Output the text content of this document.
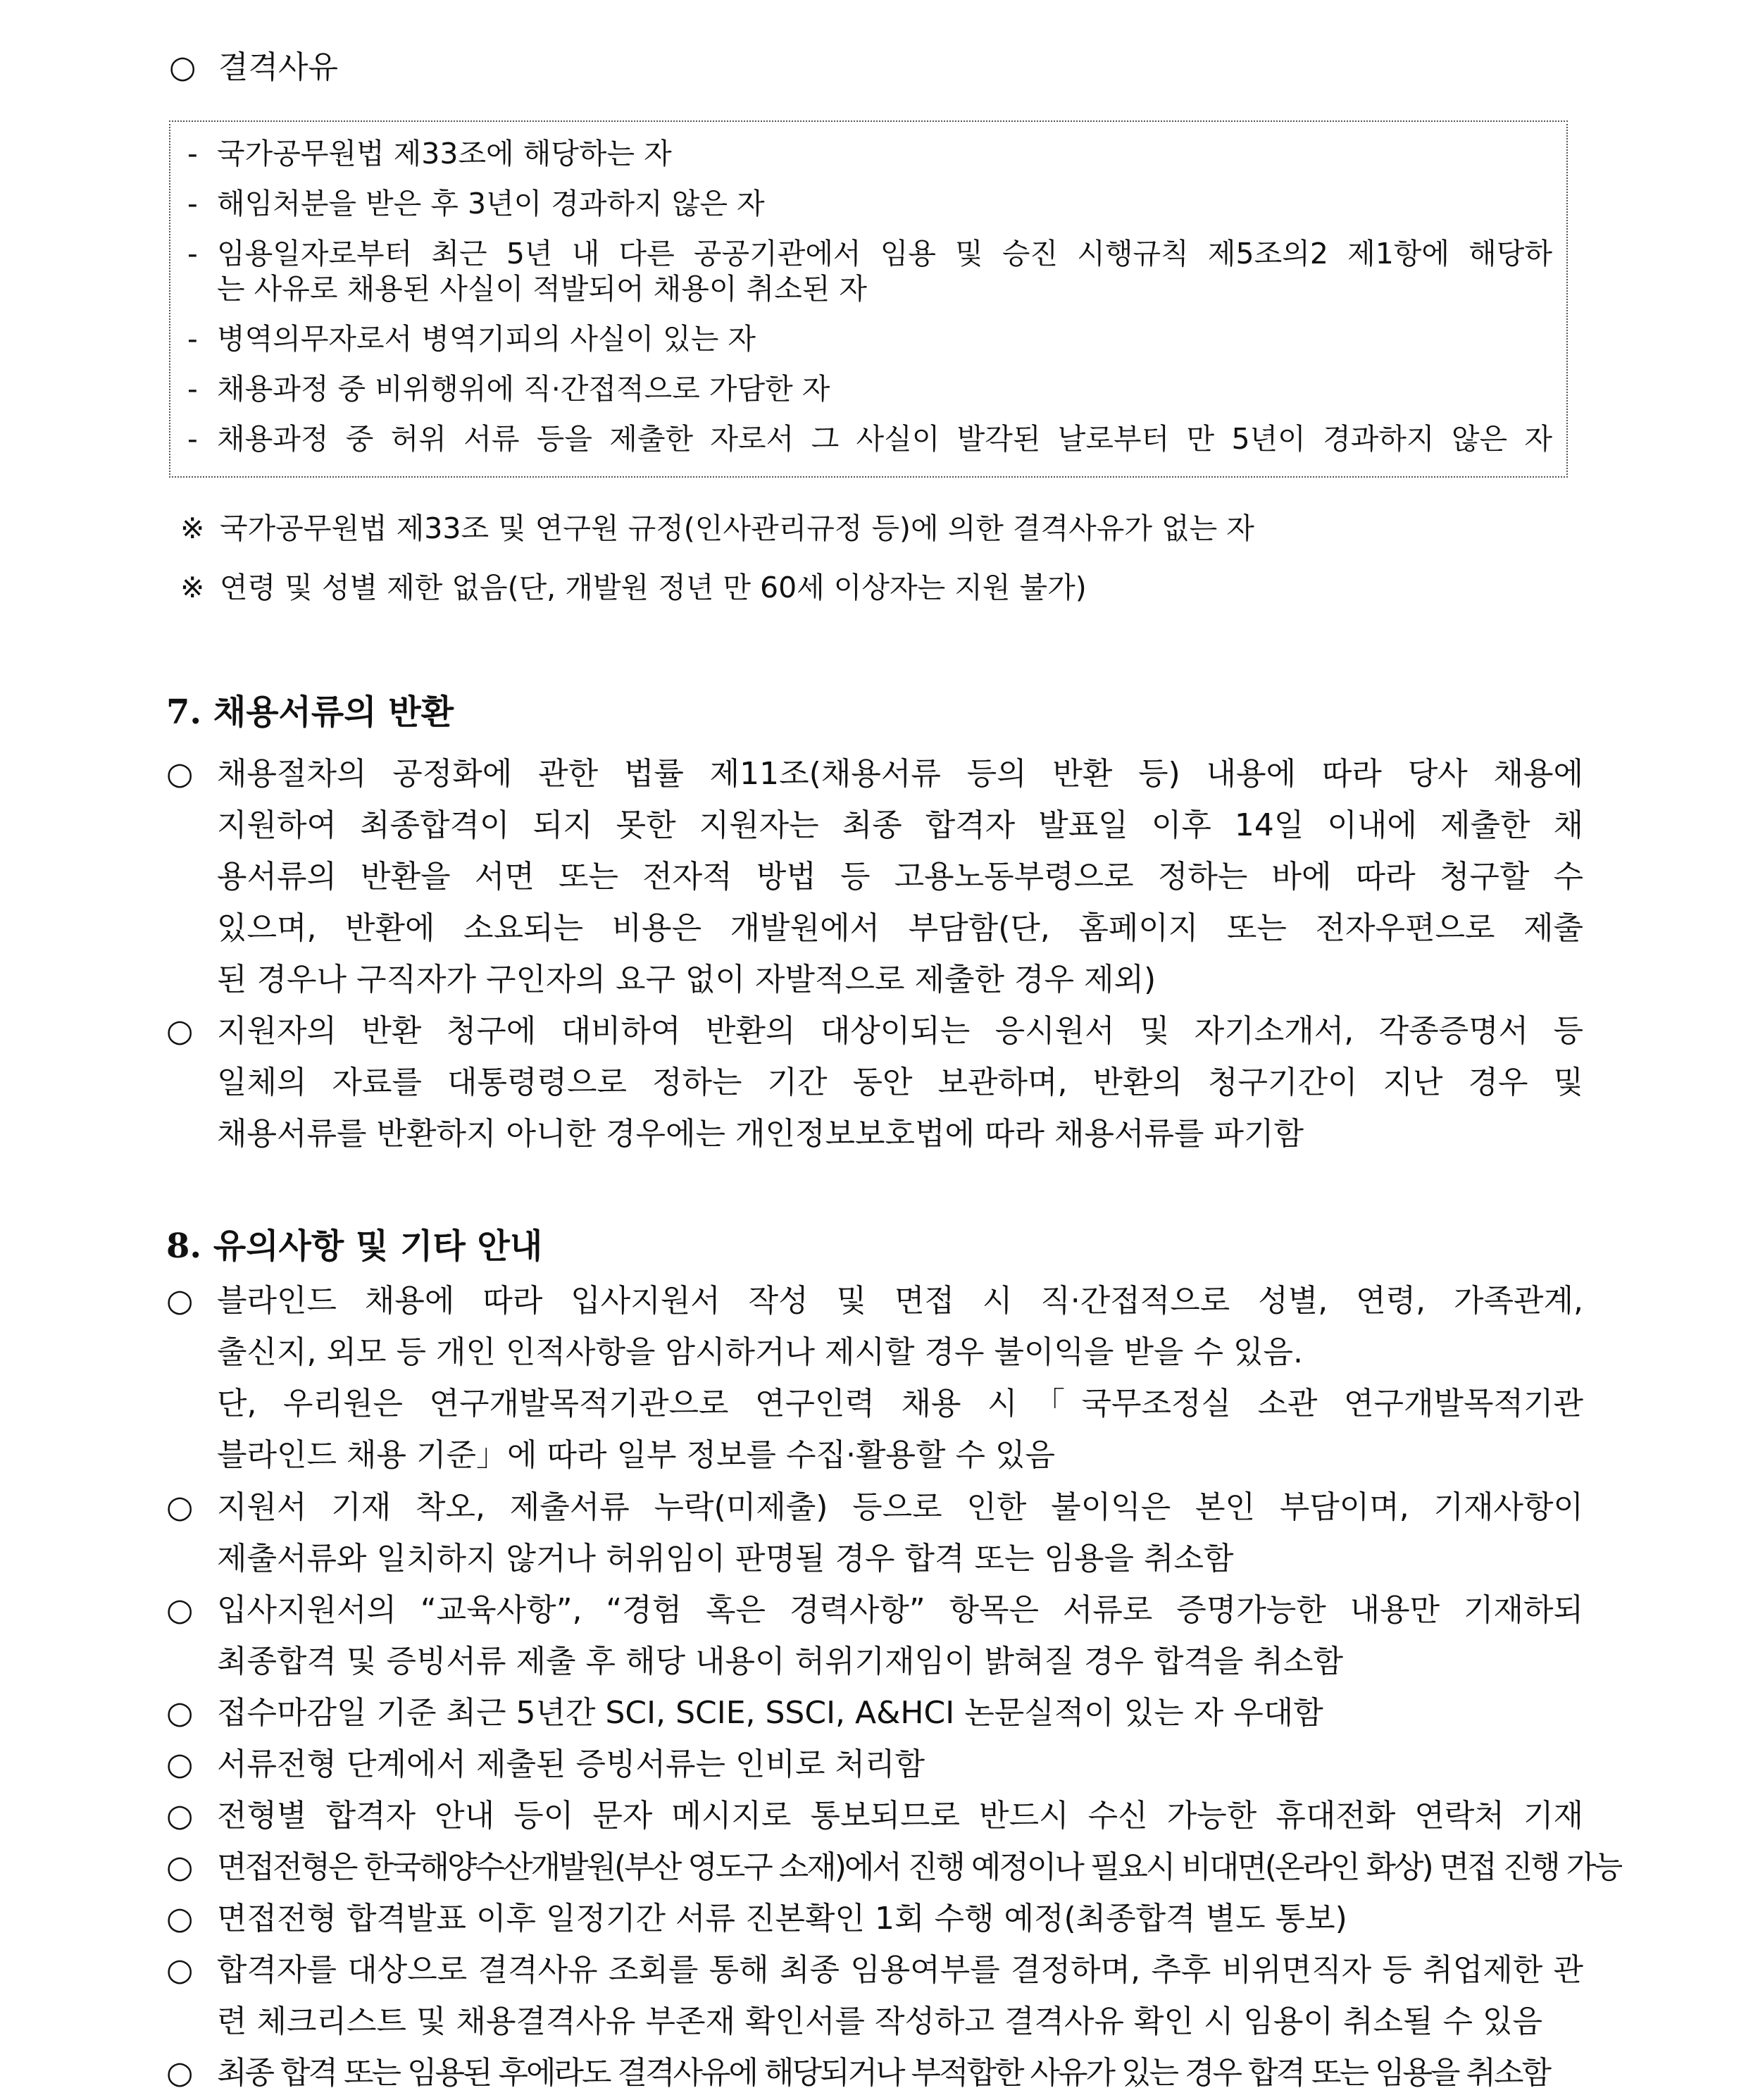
○ 결격사유
- 국가공무원법 제33조에 해당하는 자
- 해임처분을 받은 후 3년이 경과하지 않은 자
- 임용일자로부터 최근 5년 내 다른 공공기관에서 임용 및 승진 시행규칙 제5조의2 제1항에 해당하
는 사유로 채용된 사실이 적발되어 채용이 취소된 자
- 병역의무자로서 병역기피의 사실이 있는 자
- 채용과정 중 비위행위에 직·간접적으로 가담한 자
- 채용과정 중 허위 서류 등을 제출한 자로서 그 사실이 발각된 날로부터 만 5년이 경과하지 않은 자
※ 국가공무원법 제33조 및 연구원 규정(인사관리규정 등)에 의한 결격사유가 없는 자
※ 연령 및 성별 제한 없음(단, 개발원 정년 만 60세 이상자는 지원 불가)
7. 채용서류의 반환
○ 채용절차의 공정화에 관한 법률 제11조(채용서류 등의 반환 등) 내용에 따라 당사 채용에
지원하여 최종합격이 되지 못한 지원자는 최종 합격자 발표일 이후 14일 이내에 제출한 채
용서류의 반환을 서면 또는 전자적 방법 등 고용노동부령으로 정하는 바에 따라 청구할 수
있으며, 반환에 소요되는 비용은 개발원에서 부담함(단, 홈페이지 또는 전자우편으로 제출
된 경우나 구직자가 구인자의 요구 없이 자발적으로 제출한 경우 제외)
○ 지원자의 반환 청구에 대비하여 반환의 대상이되는 응시원서 및 자기소개서, 각종증명서 등
일체의 자료를 대통령령으로 정하는 기간 동안 보관하며, 반환의 청구기간이 지난 경우 및
채용서류를 반환하지 아니한 경우에는 개인정보보호법에 따라 채용서류를 파기함
8. 유의사항 및 기타 안내
○ 블라인드 채용에 따라 입사지원서 작성 및 면접 시 직·간접적으로 성별, 연령, 가족관계,
출신지, 외모 등 개인 인적사항을 암시하거나 제시할 경우 불이익을 받을 수 있음.
단, 우리원은 연구개발목적기관으로 연구인력 채용 시「국무조정실 소관 연구개발목적기관
블라인드 채용 기준」에 따라 일부 정보를 수집·활용할 수 있음
○ 지원서 기재 착오, 제출서류 누락(미제출) 등으로 인한 불이익은 본인 부담이며, 기재사항이
제출서류와 일치하지 않거나 허위임이 판명될 경우 합격 또는 임용을 취소함
○ 입사지원서의 “교육사항”, “경험 혹은 경력사항” 항목은 서류로 증명가능한 내용만 기재하되
최종합격 및 증빙서류 제출 후 해당 내용이 허위기재임이 밝혀질 경우 합격을 취소함
○ 접수마감일 기준 최근 5년간 SCI, SCIE, SSCI, A&HCI 논문실적이 있는 자 우대함
○ 서류전형 단계에서 제출된 증빙서류는 인비로 처리함
○ 전형별 합격자 안내 등이 문자 메시지로 통보되므로 반드시 수신 가능한 휴대전화 연락처 기재
○ 면접전형은 한국해양수산개발원(부산 영도구 소재)에서 진행 예정이나 필요시 비대면(온라인 화상) 면접 진행 가능
○ 면접전형 합격발표 이후 일정기간 서류 진본확인 1회 수행 예정(최종합격 별도 통보)
○ 합격자를 대상으로 결격사유 조회를 통해 최종 임용여부를 결정하며, 추후 비위면직자 등 취업제한 관
련 체크리스트 및 채용결격사유 부존재 확인서를 작성하고 결격사유 확인 시 임용이 취소될 수 있음
○ 최종 합격 또는 임용된 후에라도 결격사유에 해당되거나 부적합한 사유가 있는 경우 합격 또는 임용을 취소함
